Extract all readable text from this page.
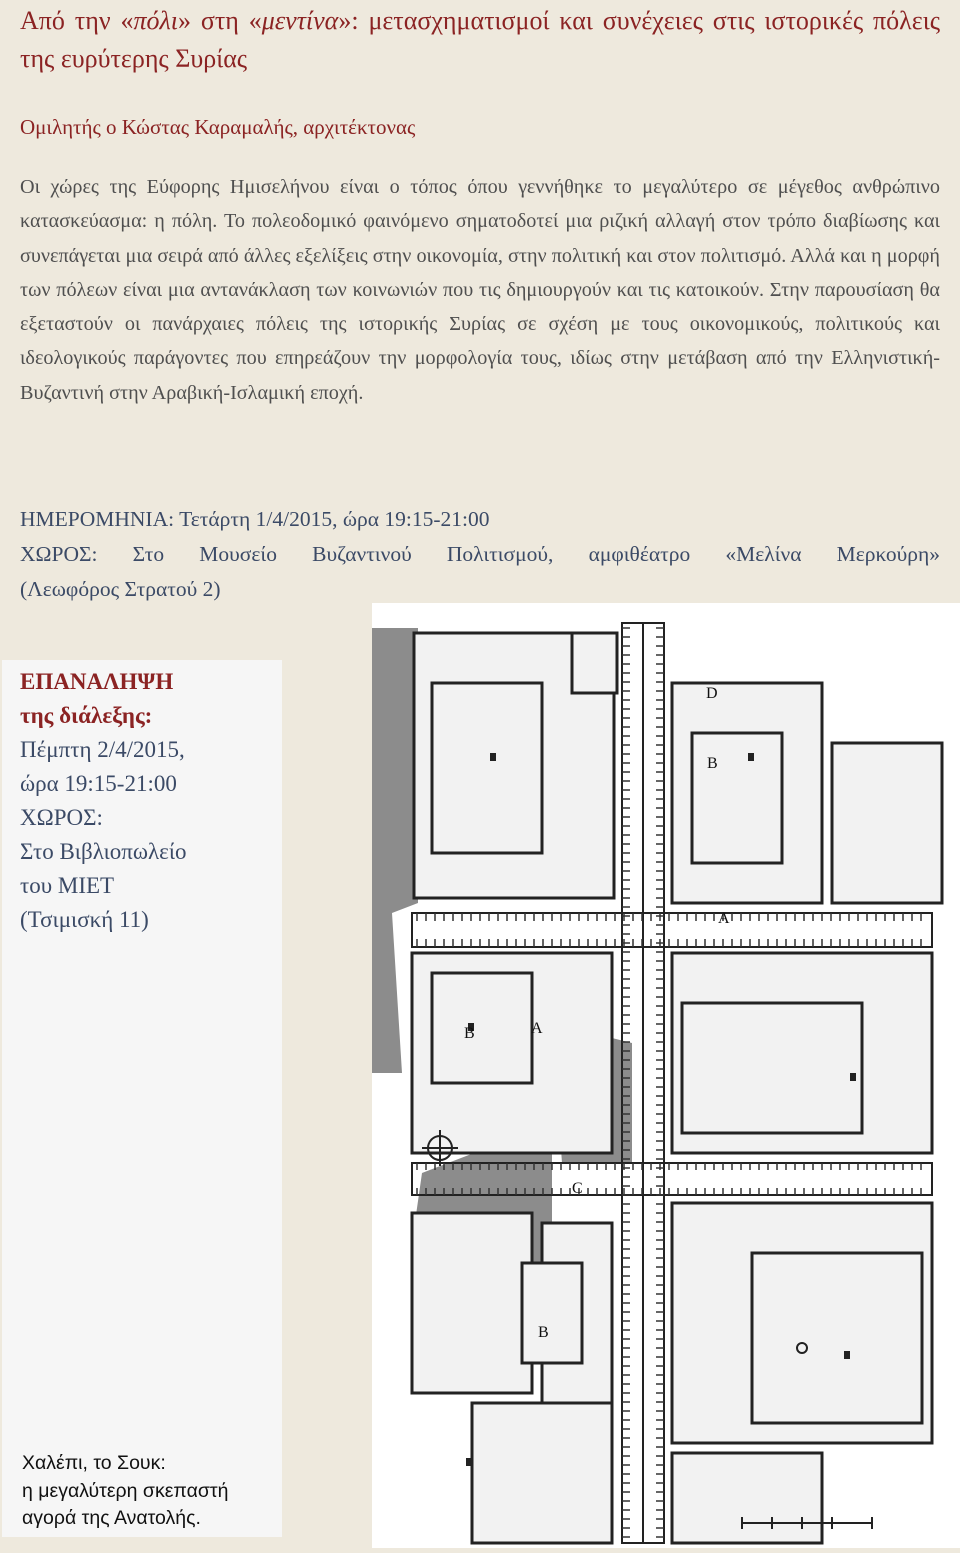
Από την «πόλι» στη «μεντίνα»: μετασχηματισμοί και συνέχειες στις ιστορικές πόλεις της ευρύτερης Συρίας
Ομιλητής ο Κώστας Καραμαλής, αρχιτέκτονας
Οι χώρες της Εύφορης Ημισελήνου είναι ο τόπος όπου γεννήθηκε το μεγαλύτερο σε μέγεθος ανθρώπινο κατασκεύασμα: η πόλη. Το πολεοδομικό φαινόμενο σηματοδοτεί μια ριζική αλλαγή στον τρόπο διαβίωσης και συνεπάγεται μια σειρά από άλλες εξελίξεις στην οικονομία, στην πολιτική και στον πολιτισμό. Αλλά και η μορφή των πόλεων είναι μια αντανάκλαση των κοινωνιών που τις δημιουργούν και τις κατοικούν. Στην παρουσίαση θα εξεταστούν οι πανάρχαιες πόλεις της ιστορικής Συρίας σε σχέση με τους οικονομικούς, πολιτικούς και ιδεολογικούς παράγοντες που επηρεάζουν την μορφολογία τους, ιδίως στην μετάβαση από την Ελληνιστική-Βυζαντινή στην Αραβική-Ισλαμική εποχή.
ΗΜΕΡΟΜΗΝΙΑ: Τετάρτη 1/4/2015, ώρα 19:15-21:00
ΧΩΡΟΣ: Στο Μουσείο Βυζαντινού Πολιτισμού, αμφιθέατρο «Μελίνα Μερκούρη»
(Λεωφόρος Στρατού 2)
ΕΠΑΝΑΛΗΨΗ
της διάλεξης:
Πέμπτη 2/4/2015,
ώρα 19:15-21:00
ΧΩΡΟΣ:
Στο Βιβλιοπωλείο
του ΜΙΕΤ
(Τσιμισκή 11)
Χαλέπι, το Σουκ:
η μεγαλύτερη σκεπαστή
αγορά της Ανατολής.
D
B
B	A
A
C
B
